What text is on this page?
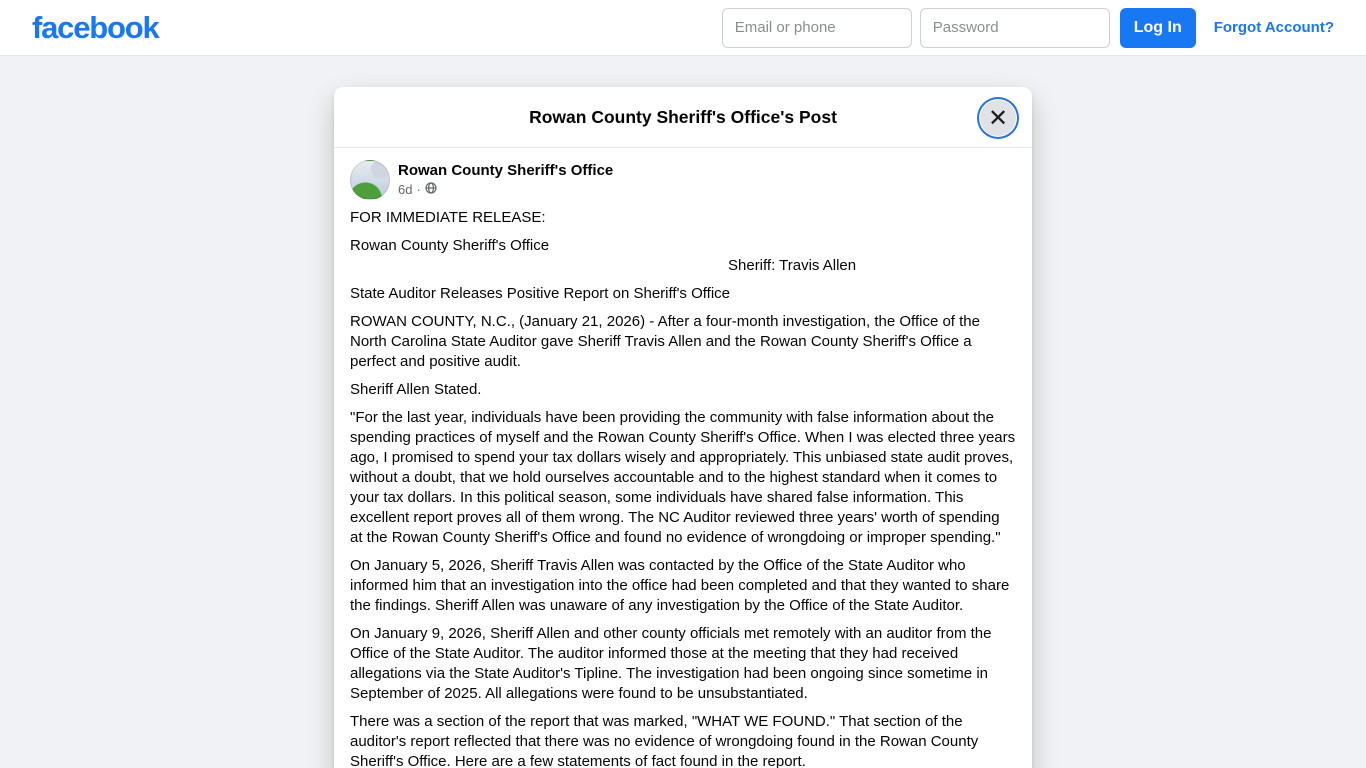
facebook
Email or phone	Log In	Forgot Account?
Rowan County Sheriff's Office's Post	✕
Rowan County Sheriff's Office
6d ·
FOR IMMEDIATE RELEASE:
Rowan County Sheriff's Office
Sheriff: Travis Allen
State Auditor Releases Positive Report on Sheriff's Office
ROWAN COUNTY, N.C., (January 21, 2026) - After a four-month investigation, the Office of the North Carolina State Auditor gave Sheriff Travis Allen and the Rowan County Sheriff's Office a perfect and positive audit.
Sheriff Allen Stated.
"For the last year, individuals have been providing the community with false information about the spending practices of myself and the Rowan County Sheriff's Office. When I was elected three years ago, I promised to spend your tax dollars wisely and appropriately. This unbiased state audit proves, without a doubt, that we hold ourselves accountable and to the highest standard when it comes to your tax dollars. In this political season, some individuals have shared false information. This excellent report proves all of them wrong. The NC Auditor reviewed three years' worth of spending at the Rowan County Sheriff's Office and found no evidence of wrongdoing or improper spending."
On January 5, 2026, Sheriff Travis Allen was contacted by the Office of the State Auditor who informed him that an investigation into the office had been completed and that they wanted to share the findings. Sheriff Allen was unaware of any investigation by the Office of the State Auditor.
On January 9, 2026, Sheriff Allen and other county officials met remotely with an auditor from the Office of the State Auditor. The auditor informed those at the meeting that they had received allegations via the State Auditor's Tipline. The investigation had been ongoing since sometime in September of 2025. All allegations were found to be unsubstantiated.
There was a section of the report that was marked, "WHAT WE FOUND." That section of the auditor's report reflected that there was no evidence of wrongdoing found in the Rowan County Sheriff's Office. Here are a few statements of fact found in the report.
